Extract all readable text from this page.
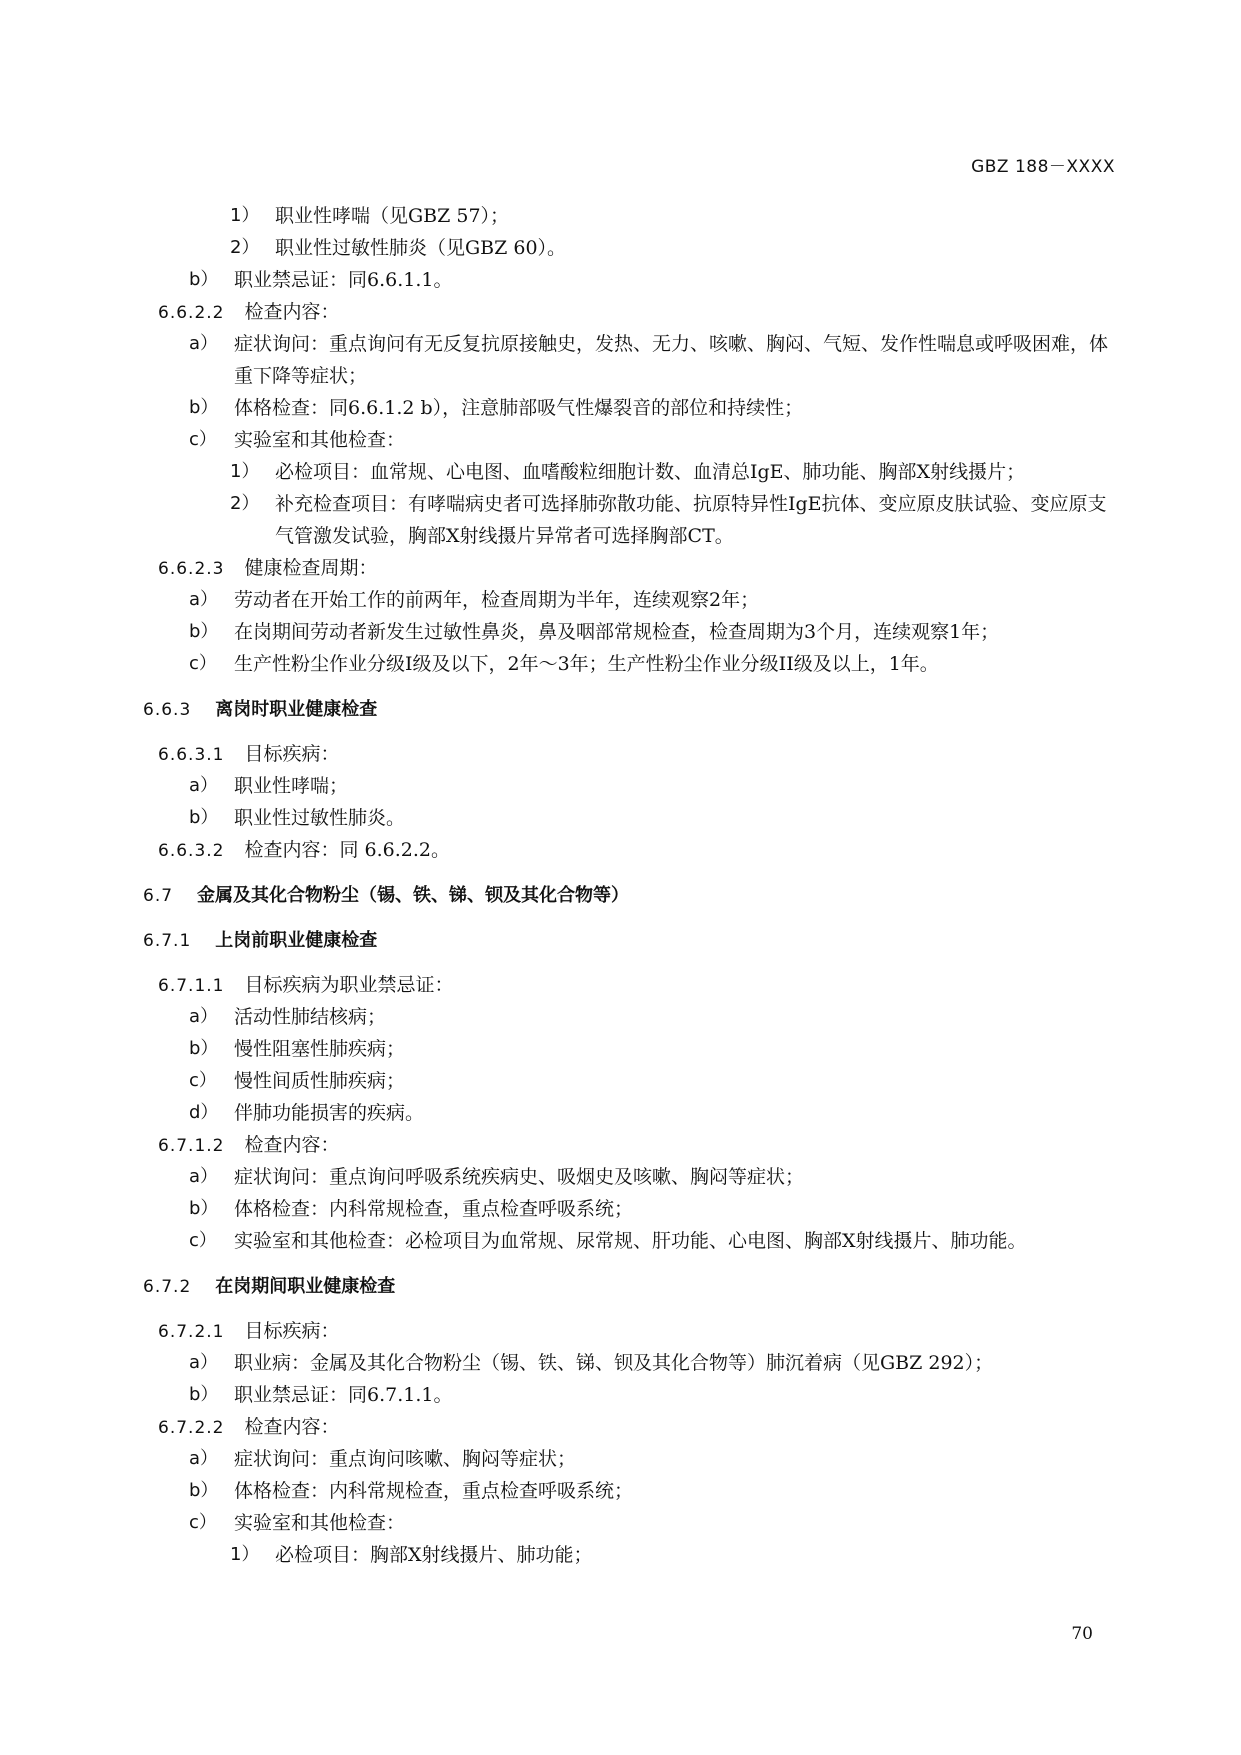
GBZ 188－XXXX
1） 职业性哮喘（见GBZ 57）；
2） 职业性过敏性肺炎（见GBZ 60）。
b） 职业禁忌证：同6.6.1.1。
6.6.2.2 检查内容：
a） 症状询问：重点询问有无反复抗原接触史，发热、无力、咳嗽、胸闷、气短、发作性喘息或呼吸困难，体重下降等症状；
b） 体格检查：同6.6.1.2 b），注意肺部吸气性爆裂音的部位和持续性；
c） 实验室和其他检查：
1） 必检项目：血常规、心电图、血嗜酸粒细胞计数、血清总IgE、肺功能、胸部X射线摄片；
2） 补充检查项目：有哮喘病史者可选择肺弥散功能、抗原特异性IgE抗体、变应原皮肤试验、变应原支气管激发试验，胸部X射线摄片异常者可选择胸部CT。
6.6.2.3 健康检查周期：
a） 劳动者在开始工作的前两年，检查周期为半年，连续观察2年；
b） 在岗期间劳动者新发生过敏性鼻炎，鼻及咽部常规检查，检查周期为3个月，连续观察1年；
c） 生产性粉尘作业分级I级及以下，2年～3年；生产性粉尘作业分级II级及以上，1年。
6.6.3 离岗时职业健康检查
6.6.3.1 目标疾病：
a） 职业性哮喘；
b） 职业性过敏性肺炎。
6.6.3.2 检查内容：同 6.6.2.2。
6.7 金属及其化合物粉尘（锡、铁、锑、钡及其化合物等）
6.7.1 上岗前职业健康检查
6.7.1.1 目标疾病为职业禁忌证：
a） 活动性肺结核病；
b） 慢性阻塞性肺疾病；
c） 慢性间质性肺疾病；
d） 伴肺功能损害的疾病。
6.7.1.2 检查内容：
a） 症状询问：重点询问呼吸系统疾病史、吸烟史及咳嗽、胸闷等症状；
b） 体格检查：内科常规检查，重点检查呼吸系统；
c） 实验室和其他检查：必检项目为血常规、尿常规、肝功能、心电图、胸部X射线摄片、肺功能。
6.7.2 在岗期间职业健康检查
6.7.2.1 目标疾病：
a） 职业病：金属及其化合物粉尘（锡、铁、锑、钡及其化合物等）肺沉着病（见GBZ 292）；
b） 职业禁忌证：同6.7.1.1。
6.7.2.2 检查内容：
a） 症状询问：重点询问咳嗽、胸闷等症状；
b） 体格检查：内科常规检查，重点检查呼吸系统；
c） 实验室和其他检查：
1） 必检项目：胸部X射线摄片、肺功能；
70
